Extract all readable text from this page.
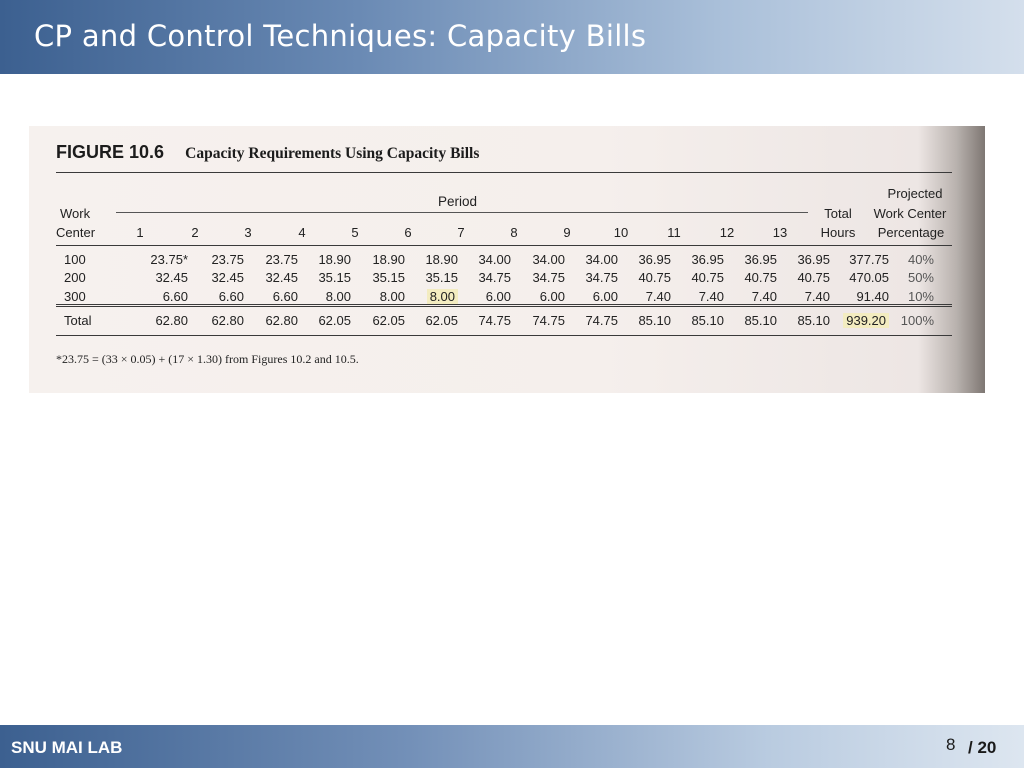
CP and Control Techniques: Capacity Bills
FIGURE 10.6 Capacity Requirements Using Capacity Bills
Period
Work
Center	1	2	3	4	5	6	7	8	9	10	11	12	13
Total
Hours
Projected
Work Center
Percentage
100	23.75*	23.75	23.75	18.90	18.90	18.90	34.00	34.00	34.00	36.95	36.95	36.95	36.95	377.75	40%
200	32.45	32.45	32.45	35.15	35.15	35.15	34.75	34.75	34.75	40.75	40.75	40.75	40.75	470.05	50%
300	6.60	6.60	6.60	8.00	8.00	8.00	6.00	6.00	6.00	7.40	7.40	7.40	7.40	91.40	10%
Total	62.80	62.80	62.80	62.05	62.05	62.05	74.75	74.75	74.75	85.10	85.10	85.10	85.10	939.20	100%
*23.75 = (33 × 0.05) + (17 × 1.30) from Figures 10.2 and 10.5.
SNU MAI LAB	8 / 20
